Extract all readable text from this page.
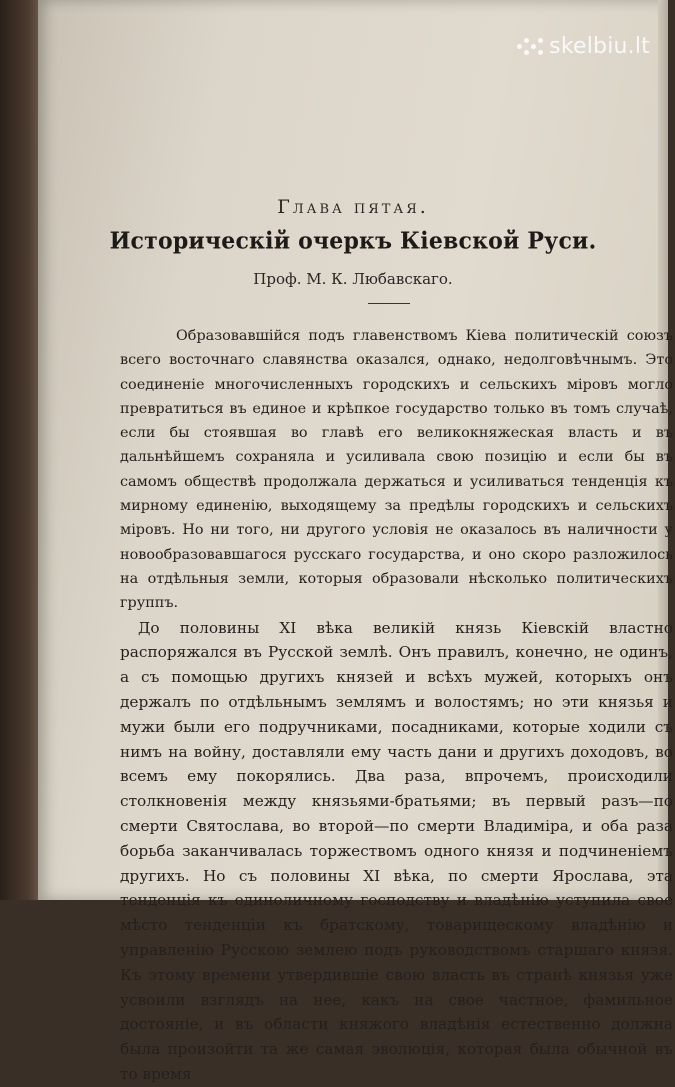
skelbiu.lt
Глава пятая.
Историческій очеркъ Кіевской Руси.
Проф. М. К. Любавскаго.

Образовавшійся подъ главенствомъ Кіева политическій союзъ всего восточнаго славянства оказался, однако, недолговѣчнымъ. Это соединеніе многочисленныхъ городскихъ и сельскихъ міровъ могло превратиться въ единое и крѣпкое государство только въ томъ случаѣ, если бы стоявшая во главѣ его великокняжеская власть и въ дальнѣйшемъ сохраняла и усиливала свою позицію и если бы въ самомъ обществѣ продолжала держаться и усиливаться тенденція къ мирному единенію, выходящему за предѣлы городскихъ и сельскихъ міровъ. Но ни того, ни другого условія не оказалось въ наличности у новообразовавшагося русскаго государства, и оно скоро разложилось на отдѣльныя земли, которыя образовали нѣсколько политическихъ группъ.

До половины XI вѣка великій князь Кіевскій властно распоряжался въ Русской землѣ. Онъ правилъ, конечно, не одинъ, а съ помощью другихъ князей и всѣхъ мужей, которыхъ онъ держалъ по отдѣльнымъ землямъ и волостямъ; но эти князья и мужи были его подручниками, посадниками, которые ходили съ нимъ на войну, доставляли ему часть дани и другихъ доходовъ, во всемъ ему покорялись. Два раза, впрочемъ, происходили столкновенія между князьями-братьями; въ первый разъ—по смерти Святослава, во второй—по смерти Владиміра, и оба раза борьба заканчивалась торжествомъ одного князя и подчиненіемъ другихъ. Но съ половины XI вѣка, по смерти Ярослава, эта тенденція къ единоличному господству и владѣнію уступила свое мѣсто тенденціи къ братскому, товарищескому владѣнію и управленію Русскою землею подъ руководствомъ старшаго князя. Къ этому времени утвердившіе свою власть въ странѣ князья уже усвоили взглядъ на нее, какъ на свое частное, фамильное достояніе, и въ области княжого владѣнія естественно должна была произойти та же самая эволюція, которая была обычной въ то время
